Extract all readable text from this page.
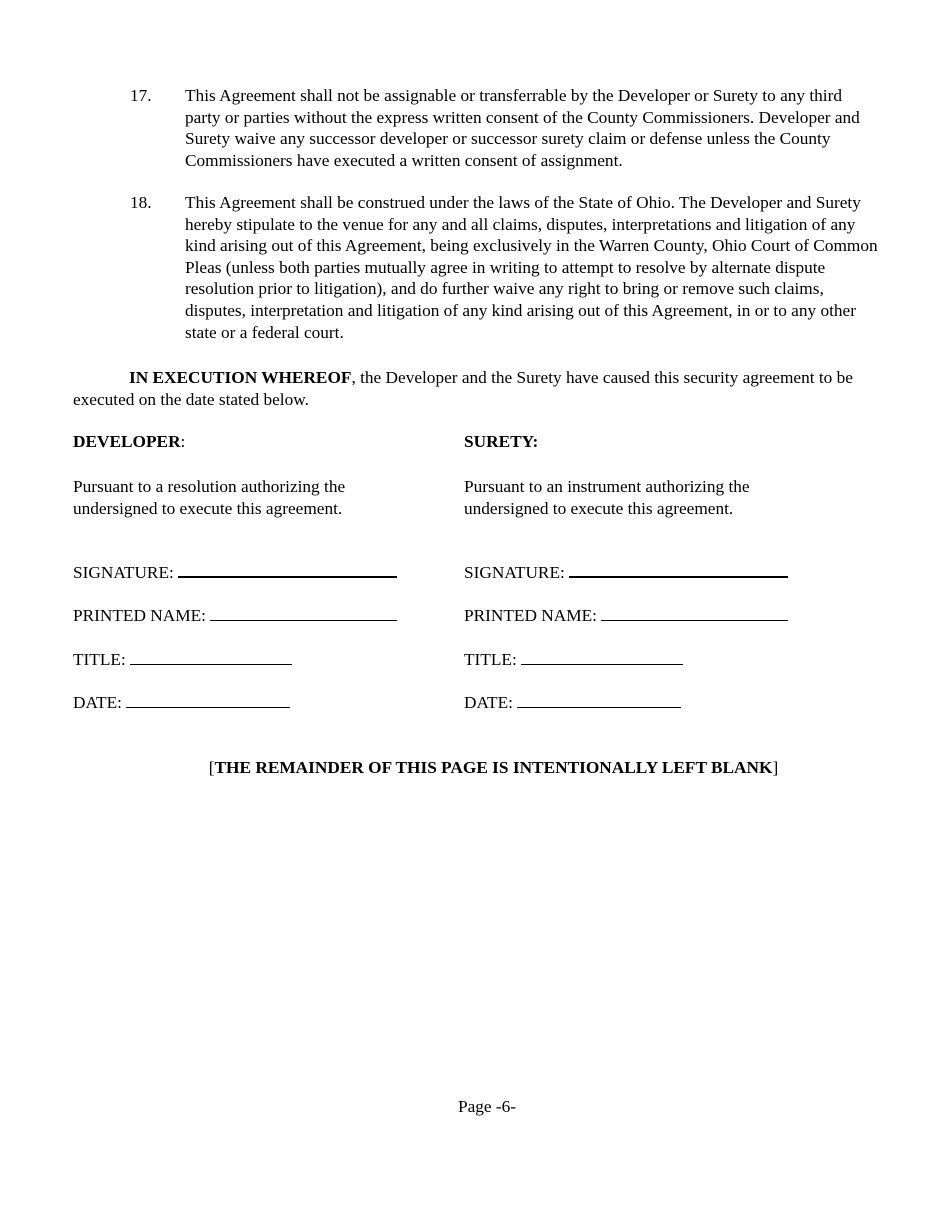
17. This Agreement shall not be assignable or transferrable by the Developer or Surety to any third party or parties without the express written consent of the County Commissioners. Developer and Surety waive any successor developer or successor surety claim or defense unless the County Commissioners have executed a written consent of assignment.
18. This Agreement shall be construed under the laws of the State of Ohio. The Developer and Surety hereby stipulate to the venue for any and all claims, disputes, interpretations and litigation of any kind arising out of this Agreement, being exclusively in the Warren County, Ohio Court of Common Pleas (unless both parties mutually agree in writing to attempt to resolve by alternate dispute resolution prior to litigation), and do further waive any right to bring or remove such claims, disputes, interpretation and litigation of any kind arising out of this Agreement, in or to any other state or a federal court.
IN EXECUTION WHEREOF, the Developer and the Surety have caused this security agreement to be executed on the date stated below.
DEVELOPER:
Pursuant to a resolution authorizing the undersigned to execute this agreement.
SIGNATURE:
PRINTED NAME:
TITLE:
DATE:
SURETY:
Pursuant to an instrument authorizing the undersigned to execute this agreement.
SIGNATURE:
PRINTED NAME:
TITLE:
DATE:
[THE REMAINDER OF THIS PAGE IS INTENTIONALLY LEFT BLANK]
Page -6-
